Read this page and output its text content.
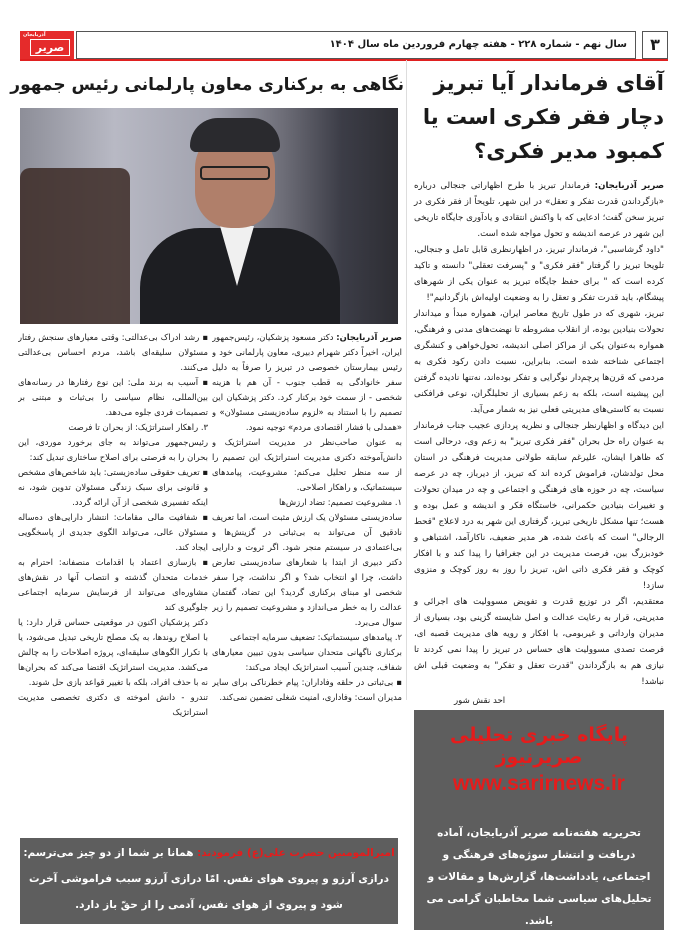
۳
سال نهم - شماره ۲۲۸ - هفته چهارم فروردین ماه سال ۱۴۰۴
آذربایجان
صریر
آقای فرماندار آیا تبریز دچار فقر فکری است یا کمبود مدیر فکری؟

صریر آذربایجان: فرماندار تبریز با طرح اظهاراتی جنجالی درباره «بازگرداندن قدرت تفکر و تعقل» در این شهر، تلویحاً از فقر فکری در تبریز سخن گفت؛ ادعایی که با واکنش انتقادی و یادآوری جایگاه تاریخی این شهر در عرصه اندیشه و تحول مواجه شده است.

"داود گرشاسبی"، فرماندار تبریز، در اظهارنظری قابل تامل و جنجالی، تلویحا تبریز را گرفتار "فقر فکری" و "پسرفت تعقلی" دانسته و تاکید کرده است که " برای حفظ جایگاه تبریز به عنوان یکی از شهرهای پیشگام، باید قدرت تفکر و تعقل را به وضعیت اولیه‌اش بازگردانیم"!

تبریز، شهری که در طول تاریخ معاصر ایران، همواره مبدأ و میداندار تحولات بنیادین بوده، از انقلاب مشروطه تا نهضت‌های مدنی و فرهنگی، همواره به‌عنوان یکی از مراکز اصلی اندیشه، تحول‌خواهی و کنشگری اجتماعی شناخته شده است. بنابراین، نسبت دادن رکود فکری به مردمی که قرن‌ها پرچم‌دار نوگرایی و تفکر بوده‌اند، نه‌تنها نادیده گرفتن این پیشینه است، بلکه به زعم بسیاری از تحلیلگران، نوعی فرافکنی نسبت به کاستی‌های مدیریتی فعلی نیز به شمار می‌آید.

این دیدگاه و اظهارنظر جنجالی و نظریه پردازی عجیب جناب فرماندار به عنوان راه حل بحران "فقر فکری تبریز" به زعم وی، درحالی است که ظاهرا ایشان، علیرغم سابقه طولانی مدیریت فرهنگی در استان محل تولدشان، فراموش کرده اند که تبریز، از دیرباز، چه در عرصه سیاست، چه در حوزه های فرهنگی و اجتماعی و چه در میدان تحولات و تغییرات بنیادین حکمرانی، خاستگاه فکر و اندیشه و عمل بوده و هست؛ تنها مشکل تاریخی تبریز، گرفتاری این شهر به درد لاعلاج "قحط الرجالی" است که باعث شده، هر مدیر ضعیف، ناکارآمد، اشتباهی و خودبزرگ بین، فرصت مدیریت در این جغرافیا را پیدا کند و با افکار کوچک و فقر فکری ذاتی اش، تبریز را روز به روز کوچک و منزوی سازد!

معتقدیم، اگر در توزیع قدرت و تفویض مسوولیت های اجرائی و مدیریتی، قرار به رعایت عدالت و اصل شایسته گزینی بود، بسیاری از مدیران وارداتی و غیربومی، با افکار و رویه های مدیریت قصبه ای، فرصت تصدی مسوولیت های حساس در تبریز را پیدا نمی کردند تا نیازی هم به بازگرداندن "قدرت تعقل و تفکر" به وضعیت قبلی اش نباشد!

احد نقش شور
پایگاه خبری تحلیلی صریرنیوز
www.sarirnews.ir
تحریریه هفته‌نامه صریر آذربایجان، آماده دریافت و انتشار سوژه‌های فرهنگی و اجتماعی، یادداشت‌ها، گزارش‌ها و مقالات و تحلیل‌های سیاسی شما مخاطبان گرامی می باشد.
نگاهی به برکناری معاون پارلمانی رئیس جمهور

صریر آذربایجان: دکتر مسعود پزشکیان، رئیس‌جمهور ایران، اخیراً دکتر شهرام دبیری، معاون پارلمانی خود و رئیس بیمارستان خصوصی در تبریز را صرفاً به دلیل سفر خانوادگی به قطب جنوب - آن هم با هزینه شخصی - از سمت خود برکنار کرد. دکتر پزشکیان این تصمیم را با استناد به «لزوم ساده‌زیستی مسئولان» و «همدلی با فشار اقتصادی مردم» توجیه نمود.

به عنوان صاحب‌نظر در مدیریت استراتژیک و دانش‌آموخته دکتری مدیریت استراتژیک این تصمیم را از سه منظر تحلیل می‌کنم: مشروعیت، پیامدهای سیستماتیک، و راهکار اصلاحی.

۱. مشروعیت تصمیم: تضاد ارزش‌ها

ساده‌زیستی مسئولان یک ارزش مثبت است، اما تعریف نادقیق آن می‌تواند به بی‌ثباتی در گزینش‌ها و بی‌اعتمادی در سیستم منجر شود. اگر ثروت و دارایی دکتر دبیری از ابتدا با شعارهای ساده‌زیستی تعارض داشت، چرا او انتخاب شد؟ و اگر نداشت، چرا سفر شخصی او مبنای برکناری گردید؟ این تضاد، گفتمان عدالت را به خطر می‌اندازد و مشروعیت تصمیم را زیر سوال می‌برد.

۲. پیامدهای سیستماتیک: تضعیف سرمایه اجتماعی

برکناری ناگهانی متحدان سیاسی بدون تبیین معیارهای شفاف، چندین آسیب استراتژیک ایجاد می‌کند:

▪ بی‌ثباتی در حلقه وفاداران: پیام خطرناکی برای سایر مدیران است: وفاداری، امنیت شغلی تضمین نمی‌کند.

▪ رشد ادراک بی‌عدالتی: وقتی معیارهای سنجش رفتار مسئولان سلیقه‌ای باشد، مردم احساس بی‌عدالتی می‌کنند.

▪ آسیب به برند ملی: این نوع رفتارها در رسانه‌های بین‌المللی، نظام سیاسی را بی‌ثبات و مبتنی بر تصمیمات فردی جلوه می‌دهد.

۳. راهکار استراتژیک: از بحران تا فرصت

رئیس‌جمهور می‌تواند به جای برخورد موردی، این بحران را به فرصتی برای اصلاح ساختاری تبدیل کند:

▪ تعریف حقوقی ساده‌زیستی: باید شاخص‌های مشخص و قانونی برای سبک زندگی مسئولان تدوین شود، نه اینکه تفسیری شخصی از آن ارائه گردد.

▪ شفافیت مالی مقامات: انتشار دارایی‌های ده‌ساله مسئولان عالی، می‌تواند الگوی جدیدی از پاسخگویی ایجاد کند.

▪ بازسازی اعتماد با اقدامات منصفانه: احترام به خدمات متحدان گذشته و انتصاب آنها در نقش‌های مشاوره‌ای می‌تواند از فرسایش سرمایه اجتماعی جلوگیری کند

دکتر پزشکیان اکنون در موقعیتی حساس قرار دارد: یا با اصلاح روندها، به یک مصلح تاریخی تبدیل می‌شود، یا با تکرار الگوهای سلیقه‌ای، پروژه اصلاحات را به چالش می‌کشد. مدیریت استراتژیک اقتضا می‌کند که بحران‌ها نه با حذف افراد، بلکه با تغییر قواعد بازی حل شوند.

تندرو - دانش اموخته ی دکتری تخصصی مدیریت استراتژیک

امیرالمومنین حضرت علی(ع) فرمودند: همانا بر شما از دو چیز می‌ترسم: درازی آرزو و پیروی هوای نفس. امّا درازی آرزو سبب فراموشی آخرت شود و پیروی از هوای نفس، آدمی را از حقّ باز دارد.
